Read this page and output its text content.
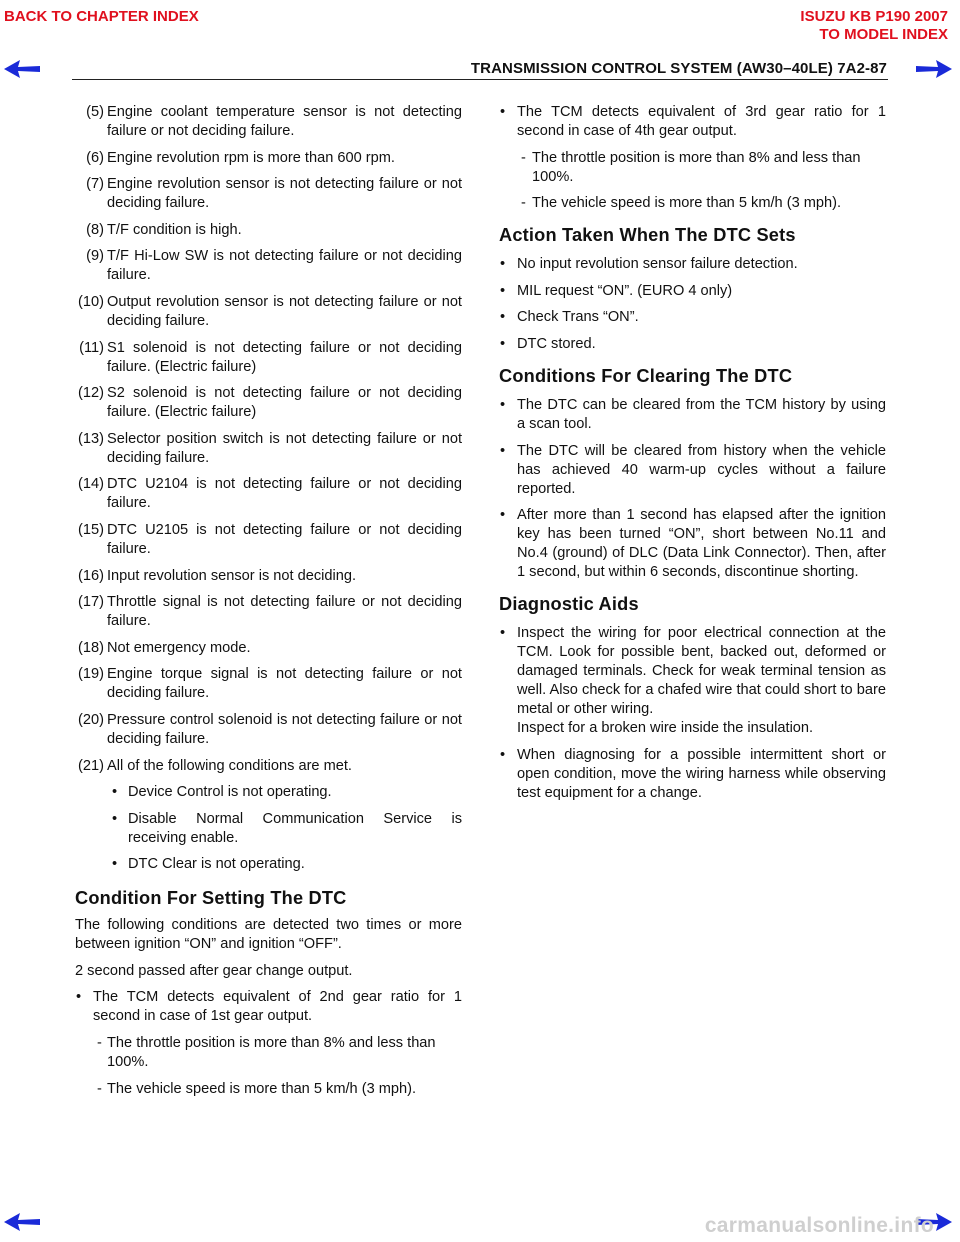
BACK TO CHAPTER INDEX	ISUZU KB P190 2007
TO MODEL INDEX
TRANSMISSION CONTROL SYSTEM (AW30–40LE) 7A2-87
(5) Engine coolant temperature sensor is not detecting failure or not deciding failure.
(6) Engine revolution rpm is more than 600 rpm.
(7) Engine revolution sensor is not detecting failure or not deciding failure.
(8) T/F condition is high.
(9) T/F Hi-Low SW is not detecting failure or not deciding failure.
(10) Output revolution sensor is not detecting failure or not deciding failure.
(11) S1 solenoid is not detecting failure or not deciding failure. (Electric failure)
(12) S2 solenoid is not detecting failure or not deciding failure. (Electric failure)
(13) Selector position switch is not detecting failure or not deciding failure.
(14) DTC U2104 is not detecting failure or not deciding failure.
(15) DTC U2105 is not detecting failure or not deciding failure.
(16) Input revolution sensor is not deciding.
(17) Throttle signal is not detecting failure or not deciding failure.
(18) Not emergency mode.
(19) Engine torque signal is not detecting failure or not deciding failure.
(20) Pressure control solenoid is not detecting failure or not deciding failure.
(21) All of the following conditions are met.
• Device Control is not operating.
• Disable Normal Communication Service is receiving enable.
• DTC Clear is not operating.
Condition For Setting The DTC
The following conditions are detected two times or more between ignition “ON” and ignition “OFF”.
2 second passed after gear change output.
• The TCM detects equivalent of 2nd gear ratio for 1 second in case of 1st gear output.
- The throttle position is more than 8% and less than 100%.
- The vehicle speed is more than 5 km/h (3 mph).
• The TCM detects equivalent of 3rd gear ratio for 1 second in case of 4th gear output.
- The throttle position is more than 8% and less than 100%.
- The vehicle speed is more than 5 km/h (3 mph).
Action Taken When The DTC Sets
• No input revolution sensor failure detection.
• MIL request “ON”. (EURO 4 only)
• Check Trans “ON”.
• DTC stored.
Conditions For Clearing The DTC
• The DTC can be cleared from the TCM history by using a scan tool.
• The DTC will be cleared from history when the vehicle has achieved 40 warm-up cycles without a failure reported.
• After more than 1 second has elapsed after the ignition key has been turned “ON”, short between No.11 and No.4 (ground) of DLC (Data Link Connector). Then, after 1 second, but within 6 seconds, discontinue shorting.
Diagnostic Aids
• Inspect the wiring for poor electrical connection at the TCM. Look for possible bent, backed out, deformed or damaged terminals. Check for weak terminal tension as well. Also check for a chafed wire that could short to bare metal or other wiring.
Inspect for a broken wire inside the insulation.
• When diagnosing for a possible intermittent short or open condition, move the wiring harness while observing test equipment for a change.
carmanualsonline.info
